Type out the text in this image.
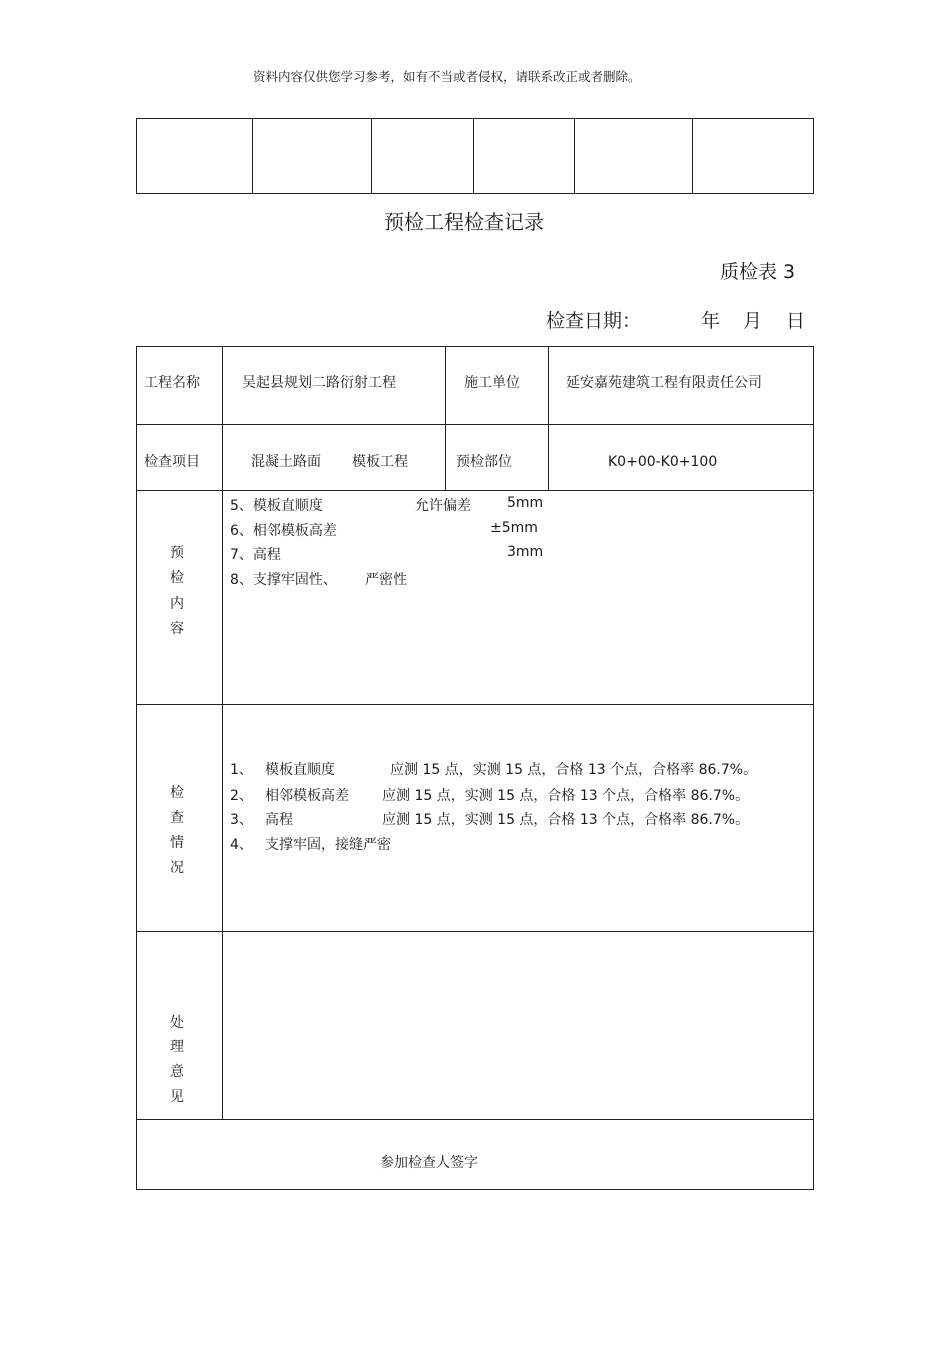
资料内容仅供您学习参考，如有不当或者侵权，请联系改正或者删除。
预检工程检查记录
质检表 3
检查日期：	年 月 日
工程名称	吴起县规划二路衍射工程	施工单位	延安嘉苑建筑工程有限责任公司
检查项目	混凝土路面 模板工程	预检部位	K0+00-K0+100
预
检
内
容
5、模板直顺度	允许偏差	5mm
6、相邻模板高差	±5mm
7、高程	3mm
8、支撑牢固性、 严密性
检
查
情
况
1、 模板直顺度	应测 15 点，实测 15 点，合格 13 个点，合格率 86.7%。
2、 相邻模板高差 应测 15 点，实测 15 点，合格 13 个点，合格率 86.7%。
3、 高程	应测 15 点，实测 15 点，合格 13 个点，合格率 86.7%。
4、 支撑牢固，接缝严密
处
理
意
见
参加检查人签字
